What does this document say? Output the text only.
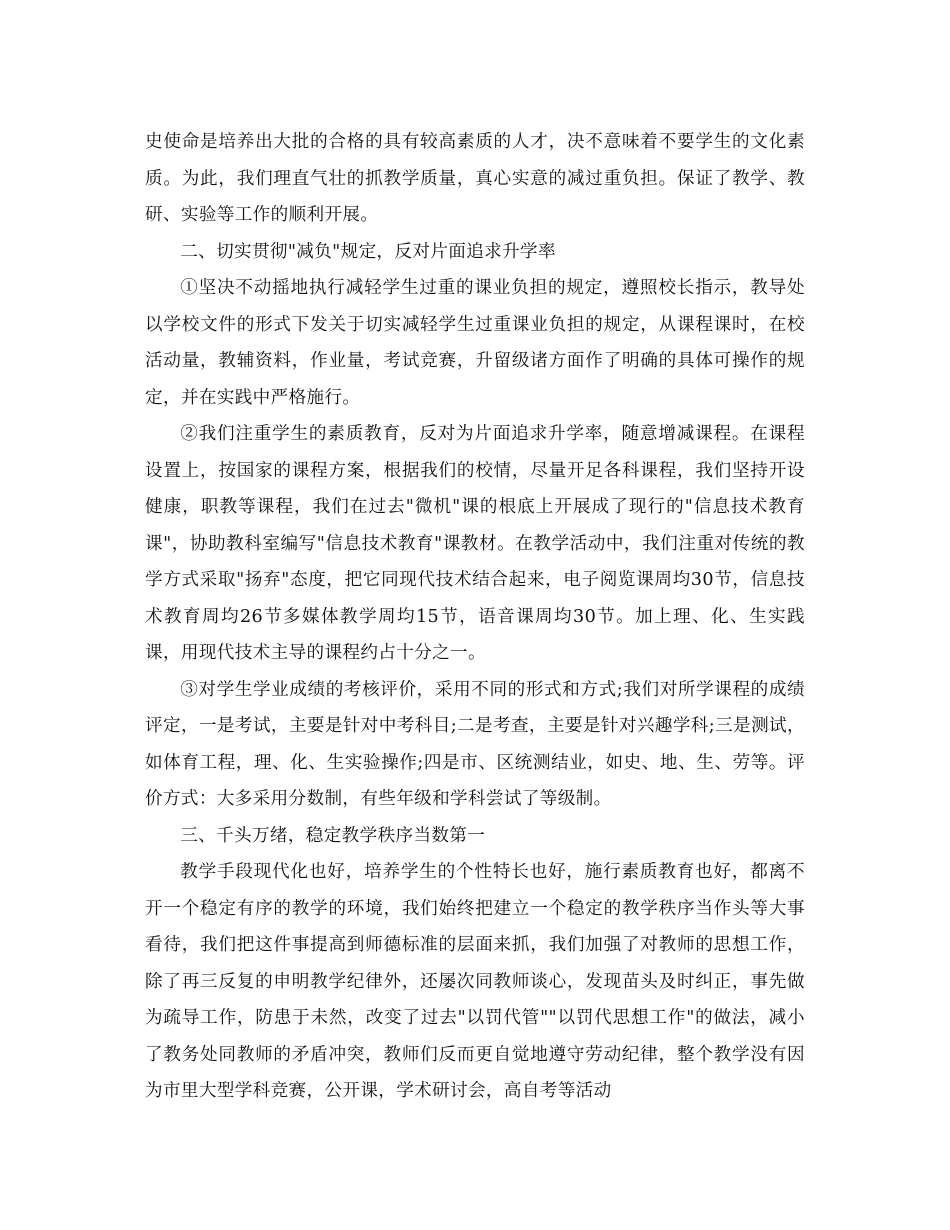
史使命是培养出大批的合格的具有较高素质的人才，决不意味着不要学生的文化素质。为此，我们理直气壮的抓教学质量，真心实意的减过重负担。保证了教学、教研、实验等工作的顺利开展。

二、切实贯彻"减负"规定，反对片面追求升学率

①坚决不动摇地执行减轻学生过重的课业负担的规定，遵照校长指示，教导处以学校文件的形式下发关于切实减轻学生过重课业负担的规定，从课程课时，在校活动量，教辅资料，作业量，考试竞赛，升留级诸方面作了明确的具体可操作的规定，并在实践中严格施行。

②我们注重学生的素质教育，反对为片面追求升学率，随意增减课程。在课程设置上，按国家的课程方案，根据我们的校情，尽量开足各科课程，我们坚持开设健康，职教等课程，我们在过去"微机"课的根底上开展成了现行的"信息技术教育课"，协助教科室编写"信息技术教育"课教材。在教学活动中，我们注重对传统的教学方式采取"扬弃"态度，把它同现代技术结合起来，电子阅览课周均30节，信息技术教育周均26节多媒体教学周均15节，语音课周均30节。加上理、化、生实践课，用现代技术主导的课程约占十分之一。

③对学生学业成绩的考核评价，采用不同的形式和方式;我们对所学课程的成绩评定，一是考试，主要是针对中考科目;二是考查，主要是针对兴趣学科;三是测试，如体育工程，理、化、生实验操作;四是市、区统测结业，如史、地、生、劳等。评价方式：大多采用分数制，有些年级和学科尝试了等级制。

三、千头万绪，稳定教学秩序当数第一

教学手段现代化也好，培养学生的个性特长也好，施行素质教育也好，都离不开一个稳定有序的教学的环境，我们始终把建立一个稳定的教学秩序当作头等大事看待，我们把这件事提高到师德标准的层面来抓，我们加强了对教师的思想工作，除了再三反复的申明教学纪律外，还屡次同教师谈心，发现苗头及时纠正，事先做为疏导工作，防患于未然，改变了过去"以罚代管""以罚代思想工作"的做法，减小了教务处同教师的矛盾冲突，教师们反而更自觉地遵守劳动纪律，整个教学没有因为市里大型学科竞赛，公开课，学术研讨会，高自考等活动
